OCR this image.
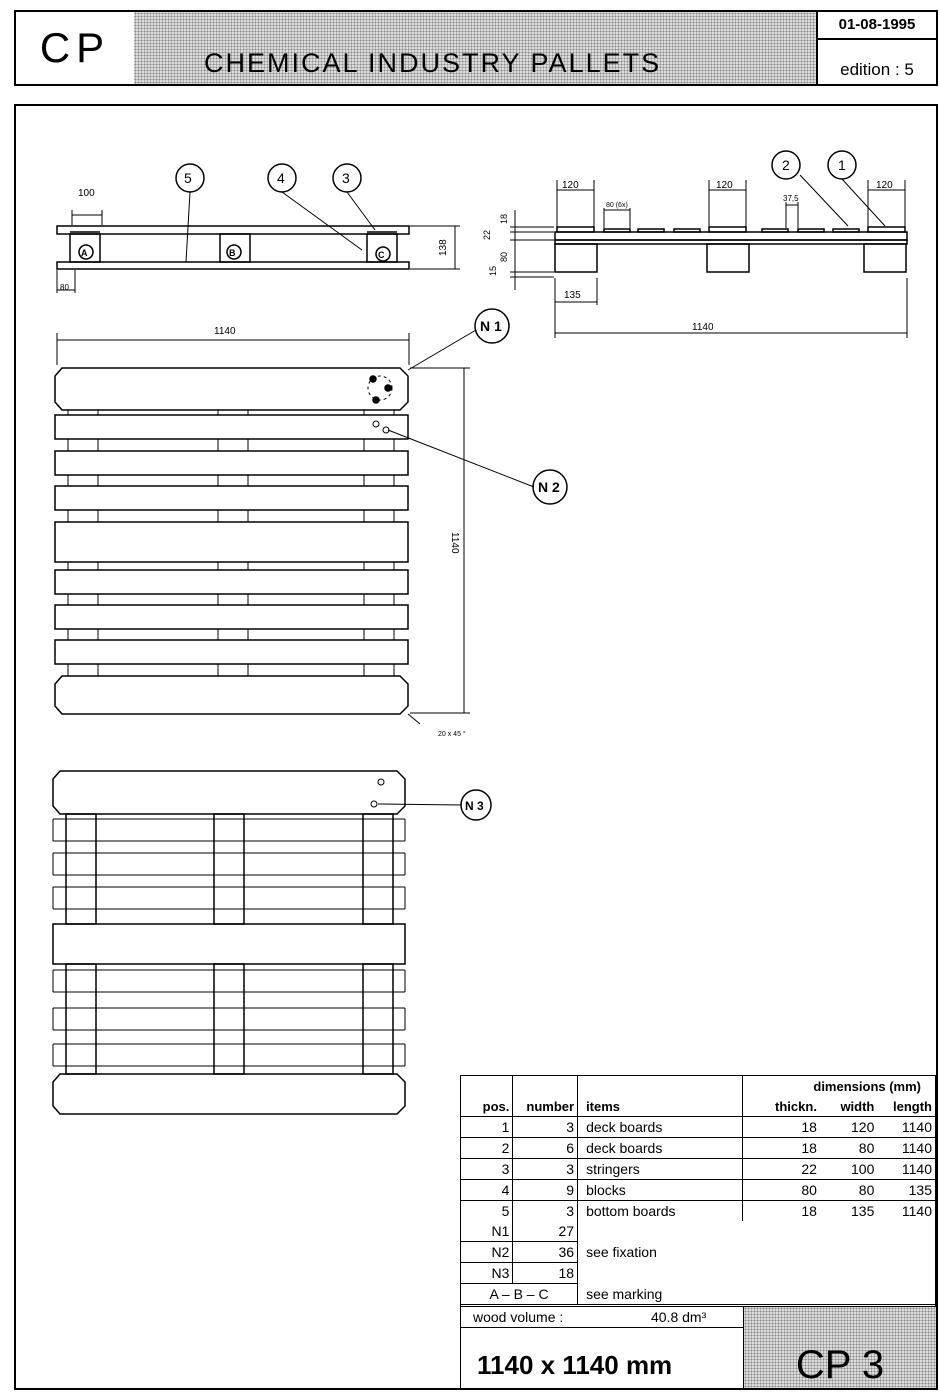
CP	CHEMICAL INDUSTRY PALLETS
01-08-1995
edition : 5
100
138
80
5	4	3
A	B	C
120	120	120
80 (6x)
37,5
18
22
80
15
135
1140
2	1
1140
1140
20 x 45 °
N 1
N 2
N 3
			dimensions (mm)		
pos.	number	items	thickn.	width	length
1	3	deck boards	18	120	1140
2	6	deck boards	18	80	1140
3	3	stringers	22	100	1140
4	9	blocks	80	80	135
5	3	bottom boards	18	135	1140
N1	27				
N2	36	see fixation			
N3	18				
A – B – C		see marking			
wood volume :	40.8 dm³
1140 x 1140 mm	CP 3
